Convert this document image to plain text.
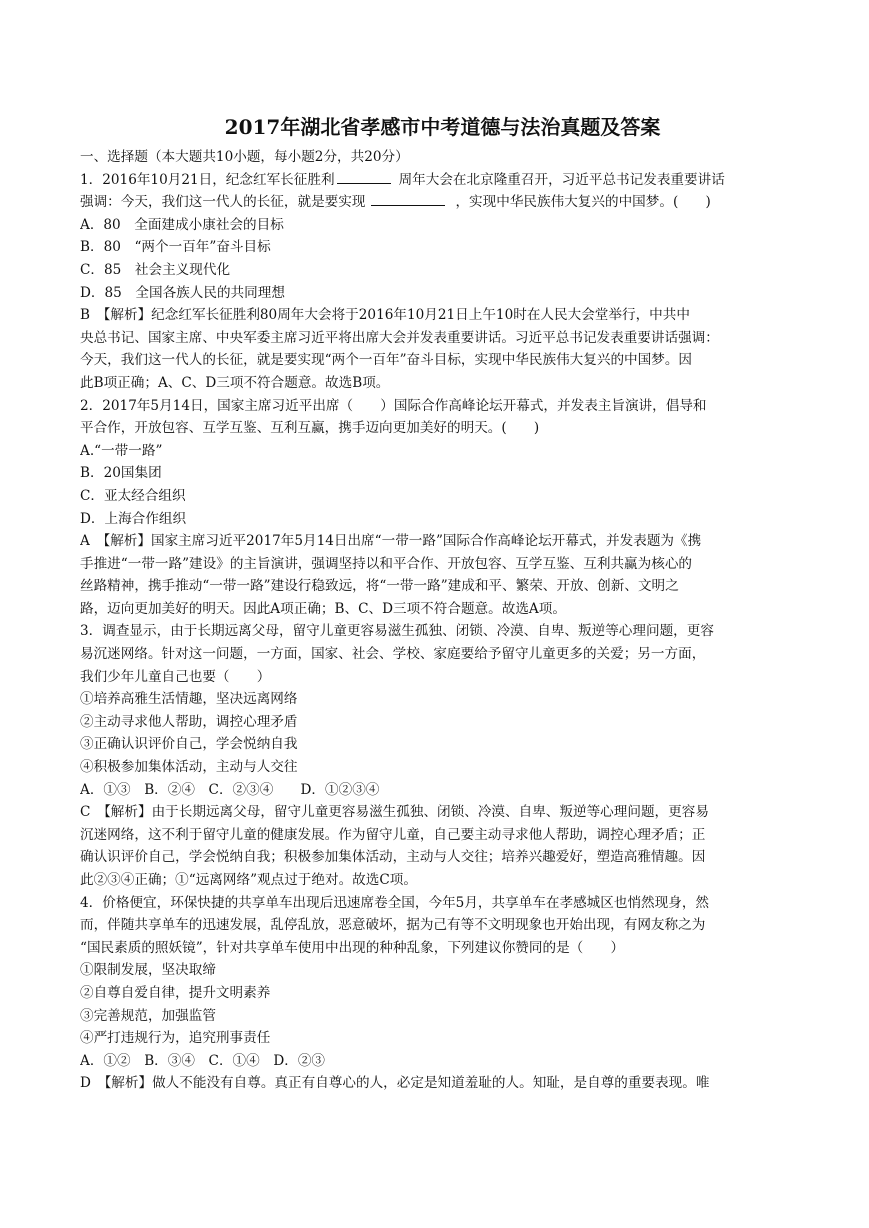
2017年湖北省孝感市中考道德与法治真题及答案
一、选择题（本大题共10小题，每小题2分，共20分）
1．2016年10月21日，纪念红军长征胜利	周年大会在北京隆重召开，习近平总书记发表重要讲话
强调：今天，我们这一代人的长征，就是要实现	，实现中华民族伟大复兴的中国梦。(　　)
A．80　全面建成小康社会的目标
B．80　“两个一百年”奋斗目标
C．85　社会主义现代化
D．85　全国各族人民的共同理想
B　【解析】纪念红军长征胜利80周年大会将于2016年10月21日上午10时在人民大会堂举行，中共中
央总书记、国家主席、中央军委主席习近平将出席大会并发表重要讲话。习近平总书记发表重要讲话强调：
今天，我们这一代人的长征，就是要实现“两个一百年”奋斗目标，实现中华民族伟大复兴的中国梦。因
此B项正确；A、C、D三项不符合题意。故选B项。
2．2017年5月14日，国家主席习近平出席（　　）国际合作高峰论坛开幕式，并发表主旨演讲，倡导和
平合作，开放包容、互学互鉴、互利互赢，携手迈向更加美好的明天。(　　)
A.“一带一路”
B．20国集团
C．亚太经合组织
D．上海合作组织
A　【解析】国家主席习近平2017年5月14日出席“一带一路”国际合作高峰论坛开幕式，并发表题为《携
手推进“一带一路”建设》的主旨演讲，强调坚持以和平合作、开放包容、互学互鉴、互利共赢为核心的
丝路精神，携手推动“一带一路”建设行稳致远，将“一带一路”建成和平、繁荣、开放、创新、文明之
路，迈向更加美好的明天。因此A项正确；B、C、D三项不符合题意。故选A项。
3．调查显示，由于长期远离父母，留守儿童更容易滋生孤独、闭锁、冷漠、自卑、叛逆等心理问题，更容
易沉迷网络。针对这一问题，一方面，国家、社会、学校、家庭要给予留守儿童更多的关爱；另一方面，
我们少年儿童自己也要（　　）
①培养高雅生活情趣，坚决远离网络
②主动寻求他人帮助，调控心理矛盾
③正确认识评价自己，学会悦纳自我
④积极参加集体活动，主动与人交往
A．①③　B．②④　C．②③④　　D．①②③④
C　【解析】由于长期远离父母，留守儿童更容易滋生孤独、闭锁、冷漠、自卑、叛逆等心理问题，更容易
沉迷网络，这不利于留守儿童的健康发展。作为留守儿童，自己要主动寻求他人帮助，调控心理矛盾；正
确认识评价自己，学会悦纳自我；积极参加集体活动，主动与人交往；培养兴趣爱好，塑造高雅情趣。因
此②③④正确；①“远离网络”观点过于绝对。故选C项。
4．价格便宜，环保快捷的共享单车出现后迅速席卷全国，今年5月，共享单车在孝感城区也悄然现身，然
而，伴随共享单车的迅速发展，乱停乱放，恶意破坏，据为己有等不文明现象也开始出现，有网友称之为
“国民素质的照妖镜”，针对共享单车使用中出现的种种乱象，下列建议你赞同的是（　　）
①限制发展，坚决取缔
②自尊自爱自律，提升文明素养
③完善规范，加强监管
④严打违规行为，追究刑事责任
A．①②　B．③④　C．①④　D．②③
D　【解析】做人不能没有自尊。真正有自尊心的人，必定是知道羞耻的人。知耻，是自尊的重要表现。唯
